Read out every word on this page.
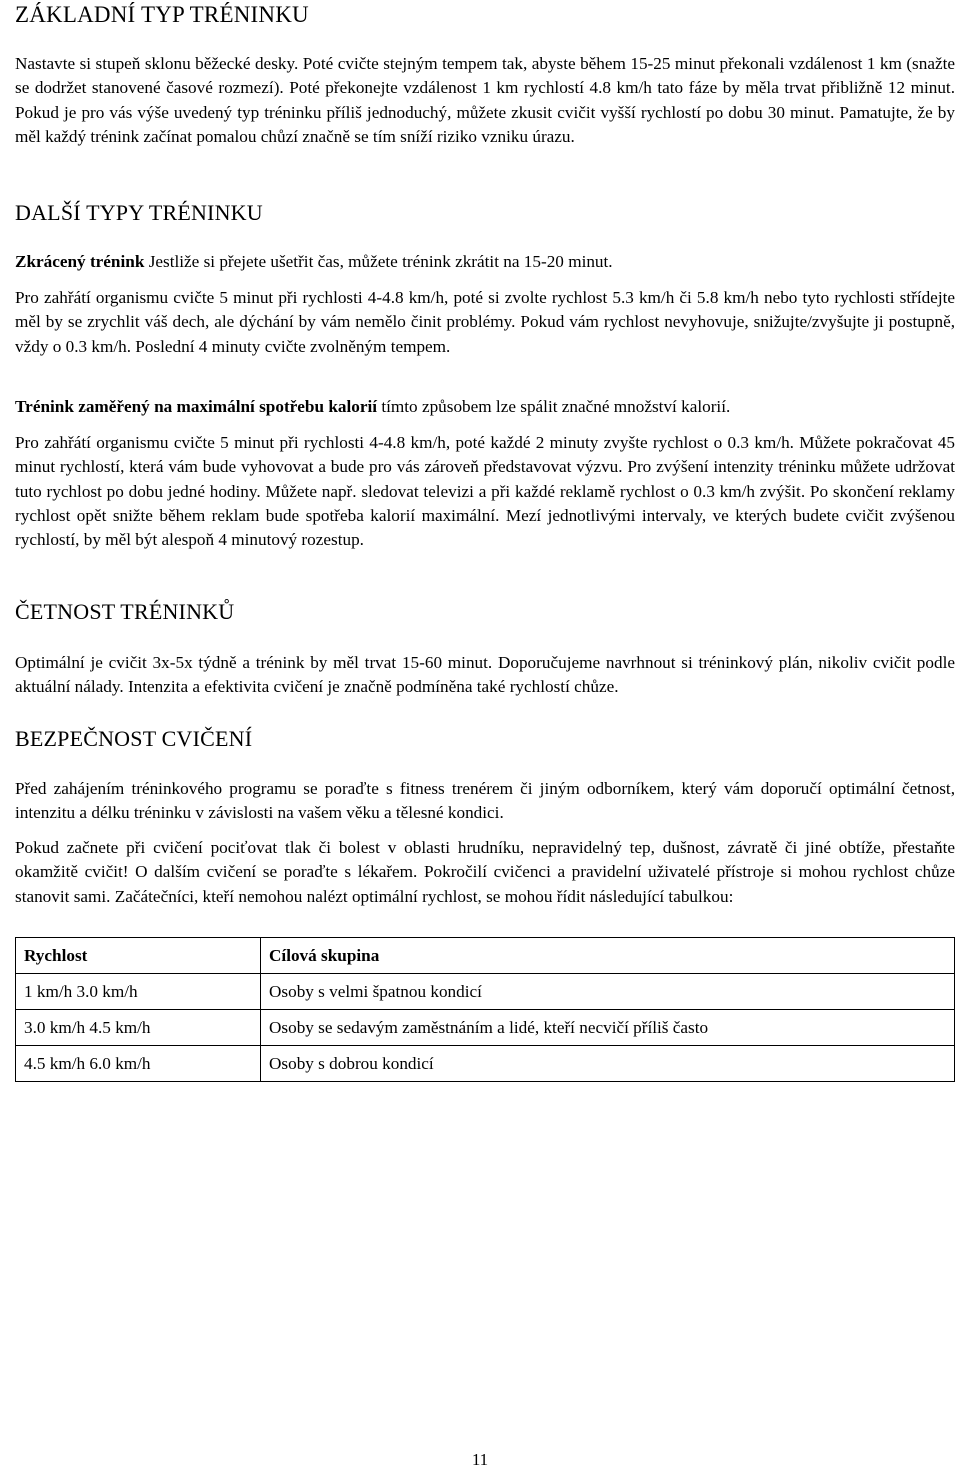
ZÁKLADNÍ TYP TRÉNINKU

Nastavte si stupeň sklonu běžecké desky. Poté cvičte stejným tempem tak, abyste během 15-25 minut překonali vzdálenost 1 km (snažte se dodržet stanovené časové rozmezí). Poté překonejte vzdálenost 1 km rychlostí 4.8 km/h tato fáze by měla trvat přibližně 12 minut. Pokud je pro vás výše uvedený typ tréninku příliš jednoduchý, můžete zkusit cvičit vyšší rychlostí po dobu 30 minut. Pamatujte, že by měl každý trénink začínat pomalou chůzí značně se tím sníží riziko vzniku úrazu.

DALŠÍ TYPY TRÉNINKU

Zkrácený trénink Jestliže si přejete ušetřit čas, můžete trénink zkrátit na 15-20 minut.

Pro zahřátí organismu cvičte 5 minut při rychlosti 4-4.8 km/h, poté si zvolte rychlost 5.3 km/h či 5.8 km/h nebo tyto rychlosti střídejte měl by se zrychlit váš dech, ale dýchání by vám nemělo činit problémy. Pokud vám rychlost nevyhovuje, snižujte/zvyšujte ji postupně, vždy o 0.3 km/h. Poslední 4 minuty cvičte zvolněným tempem.

Trénink zaměřený na maximální spotřebu kalorií tímto způsobem lze spálit značné množství kalorií.

Pro zahřátí organismu cvičte 5 minut při rychlosti 4-4.8 km/h, poté každé 2 minuty zvyšte rychlost o 0.3 km/h. Můžete pokračovat 45 minut rychlostí, která vám bude vyhovovat a bude pro vás zároveň představovat výzvu. Pro zvýšení intenzity tréninku můžete udržovat tuto rychlost po dobu jedné hodiny. Můžete např. sledovat televizi a při každé reklamě rychlost o 0.3 km/h zvýšit. Po skončení reklamy rychlost opět snižte během reklam bude spotřeba kalorií maximální. Mezí jednotlivými intervaly, ve kterých budete cvičit zvýšenou rychlostí, by měl být alespoň 4 minutový rozestup.

ČETNOST TRÉNINKŮ

Optimální je cvičit 3x-5x týdně a trénink by měl trvat 15-60 minut. Doporučujeme navrhnout si tréninkový plán, nikoliv cvičit podle aktuální nálady. Intenzita a efektivita cvičení je značně podmíněna také rychlostí chůze.

BEZPEČNOST CVIČENÍ

Před zahájením tréninkového programu se poraďte s fitness trenérem či jiným odborníkem, který vám doporučí optimální četnost, intenzitu a délku tréninku v závislosti na vašem věku a tělesné kondici.

Pokud začnete při cvičení pociťovat tlak či bolest v oblasti hrudníku, nepravidelný tep, dušnost, závratě či jiné obtíže, přestaňte okamžitě cvičit! O dalším cvičení se poraďte s lékařem. Pokročilí cvičenci a pravidelní uživatelé přístroje si mohou rychlost chůze stanovit sami. Začátečníci, kteří nemohou nalézt optimální rychlost, se mohou řídit následující tabulkou:

Rychlost	Cílová skupina
1 km/h 3.0 km/h	Osoby s velmi špatnou kondicí
3.0 km/h 4.5 km/h	Osoby se sedavým zaměstnáním a lidé, kteří necvičí příliš často
4.5 km/h 6.0 km/h	Osoby s dobrou kondicí
11
